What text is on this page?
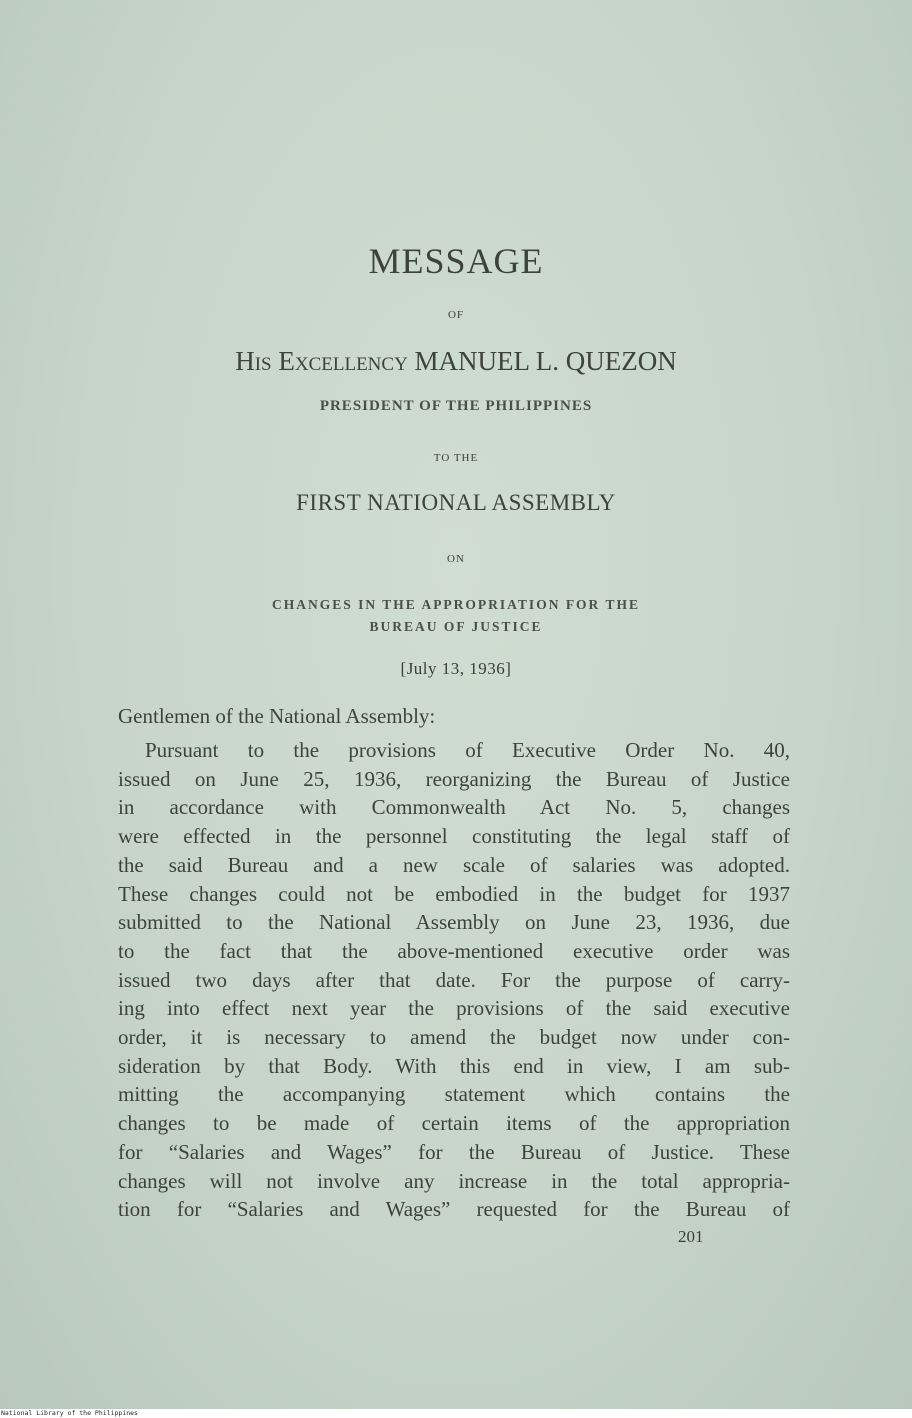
MESSAGE
OF
His Excellency MANUEL L. QUEZON
PRESIDENT OF THE PHILIPPINES
TO THE
FIRST NATIONAL ASSEMBLY
ON
CHANGES IN THE APPROPRIATION FOR THE
BUREAU OF JUSTICE
[July 13, 1936]
Gentlemen of the National Assembly:
Pursuant to the provisions of Executive Order No. 40,
issued on June 25, 1936, reorganizing the Bureau of Justice
in accordance with Commonwealth Act No. 5, changes
were effected in the personnel constituting the legal staff of
the said Bureau and a new scale of salaries was adopted.
These changes could not be embodied in the budget for 1937
submitted to the National Assembly on June 23, 1936, due
to the fact that the above-mentioned executive order was
issued two days after that date. For the purpose of carry-
ing into effect next year the provisions of the said executive
order, it is necessary to amend the budget now under con-
sideration by that Body. With this end in view, I am sub-
mitting the accompanying statement which contains the
changes to be made of certain items of the appropriation
for “Salaries and Wages” for the Bureau of Justice. These
changes will not involve any increase in the total appropria-
tion for “Salaries and Wages” requested for the Bureau of
201
National Library of the Philippines
